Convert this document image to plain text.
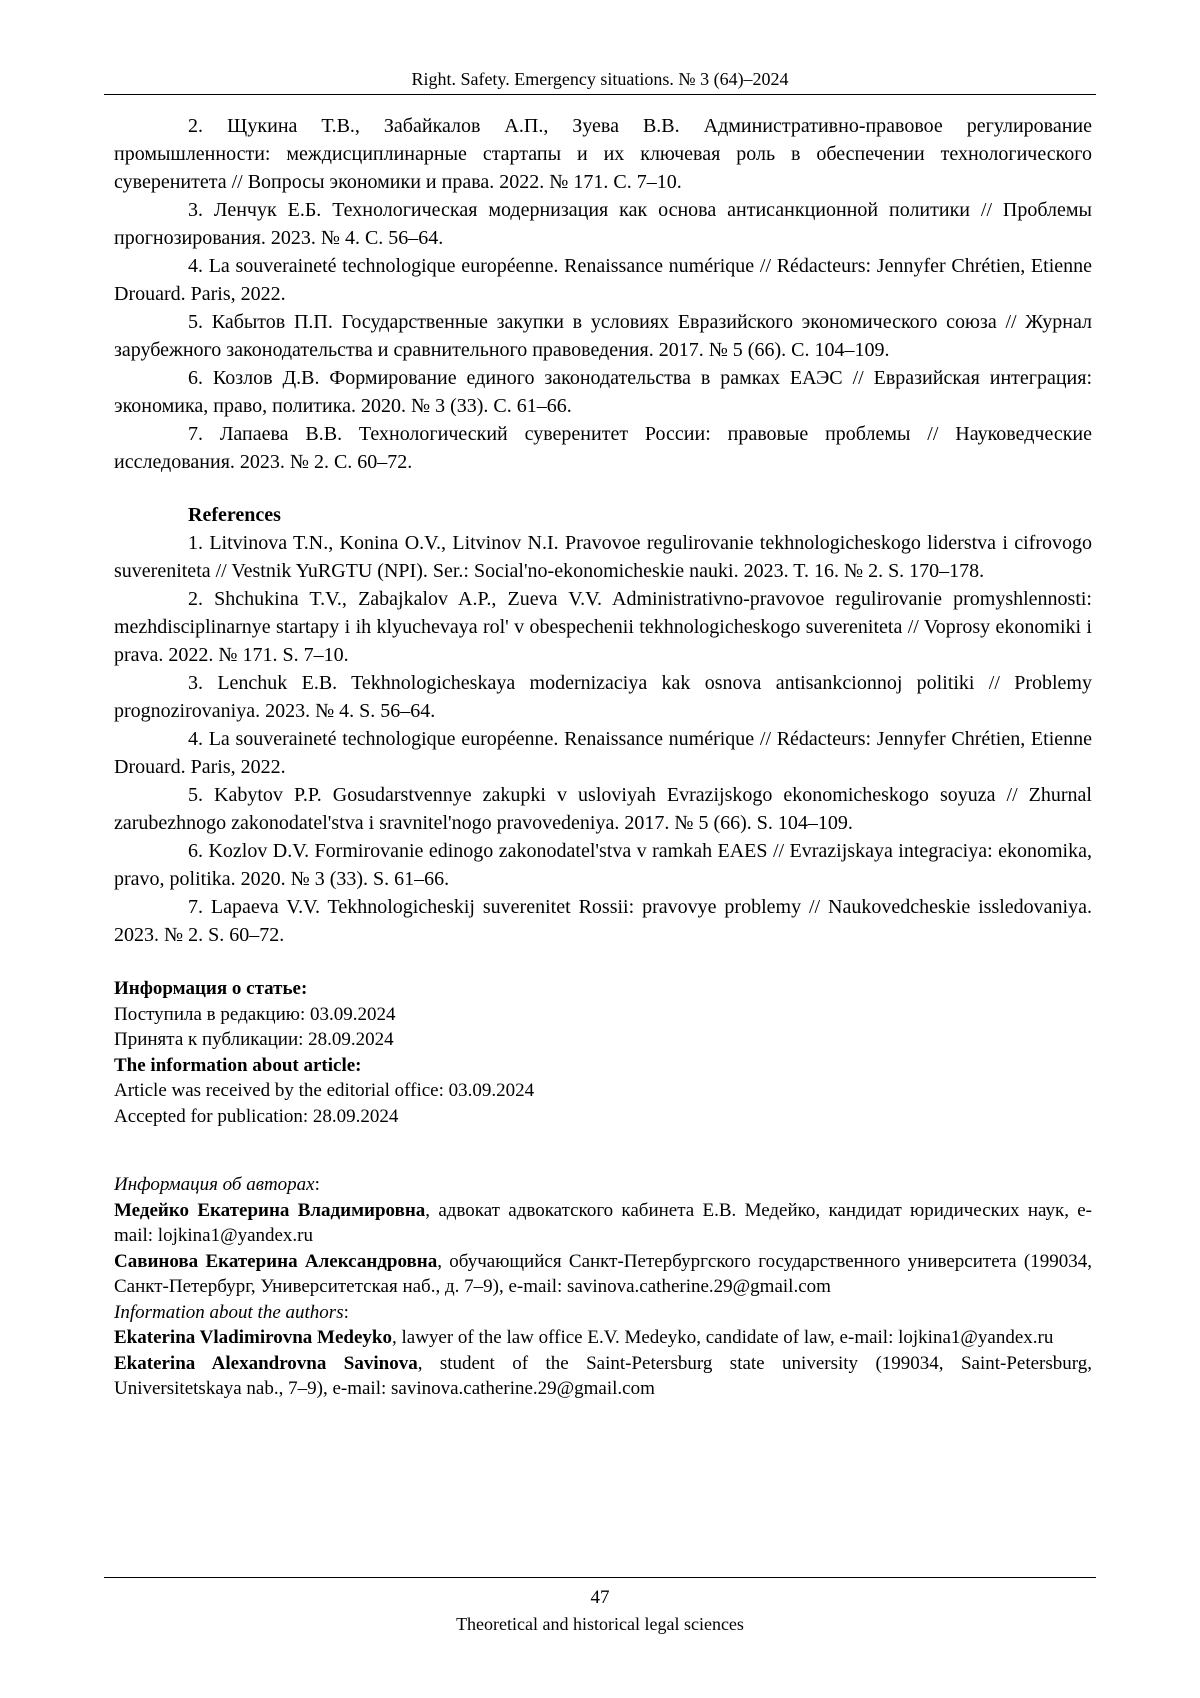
Right. Safety. Emergency situations. № 3 (64)–2024

2. Щукина Т.В., Забайкалов А.П., Зуева В.В. Административно-правовое регулирование промышленности: междисциплинарные стартапы и их ключевая роль в обеспечении технологического суверенитета // Вопросы экономики и права. 2022. № 171. С. 7–10.

3. Ленчук Е.Б. Технологическая модернизация как основа антисанкционной политики // Проблемы прогнозирования. 2023. № 4. С. 56–64.

4. La souveraineté technologique européenne. Renaissance numérique // Rédacteurs: Jennyfer Chrétien, Etienne Drouard. Paris, 2022.

5. Кабытов П.П. Государственные закупки в условиях Евразийского экономического союза // Журнал зарубежного законодательства и сравнительного правоведения. 2017. № 5 (66). С. 104–109.

6. Козлов Д.В. Формирование единого законодательства в рамках ЕАЭС // Евразийская интеграция: экономика, право, политика. 2020. № 3 (33). С. 61–66.

7. Лапаева В.В. Технологический суверенитет России: правовые проблемы // Науковедческие исследования. 2023. № 2. С. 60–72.

References

1. Litvinova T.N., Konina O.V., Litvinov N.I. Pravovoe regulirovanie tekhnologicheskogo liderstva i cifrovogo suvereniteta // Vestnik YuRGTU (NPI). Ser.: Social'no-ekonomicheskie nauki. 2023. T. 16. № 2. S. 170–178.

2. Shchukina T.V., Zabajkalov A.P., Zueva V.V. Administrativno-pravovoe regulirovanie promyshlennosti: mezhdisciplinarnye startapy i ih klyuchevaya rol' v obespechenii tekhnologicheskogo suvereniteta // Voprosy ekonomiki i prava. 2022. № 171. S. 7–10.

3. Lenchuk E.B. Tekhnologicheskaya modernizaciya kak osnova antisankcionnoj politiki // Problemy prognozirovaniya. 2023. № 4. S. 56–64.

4. La souveraineté technologique européenne. Renaissance numérique // Rédacteurs: Jennyfer Chrétien, Etienne Drouard. Paris, 2022.

5. Kabytov P.P. Gosudarstvennye zakupki v usloviyah Evrazijskogo ekonomicheskogo soyuza // Zhurnal zarubezhnogo zakonodatel'stva i sravnitel'nogo pravovedeniya. 2017. № 5 (66). S. 104–109.

6. Kozlov D.V. Formirovanie edinogo zakonodatel'stva v ramkah EAES // Evrazijskaya integraciya: ekonomika, pravo, politika. 2020. № 3 (33). S. 61–66.

7. Lapaeva V.V. Tekhnologicheskij suverenitet Rossii: pravovye problemy // Naukovedcheskie issledovaniya. 2023. № 2. S. 60–72.

Информация о статье:

Поступила в редакцию: 03.09.2024

Принята к публикации: 28.09.2024

The information about article:

Article was received by the editorial office: 03.09.2024

Accepted for publication: 28.09.2024

Информация об авторах:

Медейко Екатерина Владимировна, адвокат адвокатского кабинета Е.В. Медейко, кандидат юридических наук, e-mail: lojkina1@yandex.ru

Савинова Екатерина Александровна, обучающийся Санкт-Петербургского государственного университета (199034, Санкт-Петербург, Университетская наб., д. 7–9), e-mail: savinova.catherine.29@gmail.com

Information about the authors:

Ekaterina Vladimirovna Medeyko, lawyer of the law office E.V. Medeyko, candidate of law, e-mail: lojkina1@yandex.ru

Ekaterina Alexandrovna Savinova, student of the Saint-Petersburg state university (199034, Saint-Petersburg, Universitetskaya nab., 7–9), e-mail: savinova.catherine.29@gmail.com

47
Theoretical and historical legal sciences
